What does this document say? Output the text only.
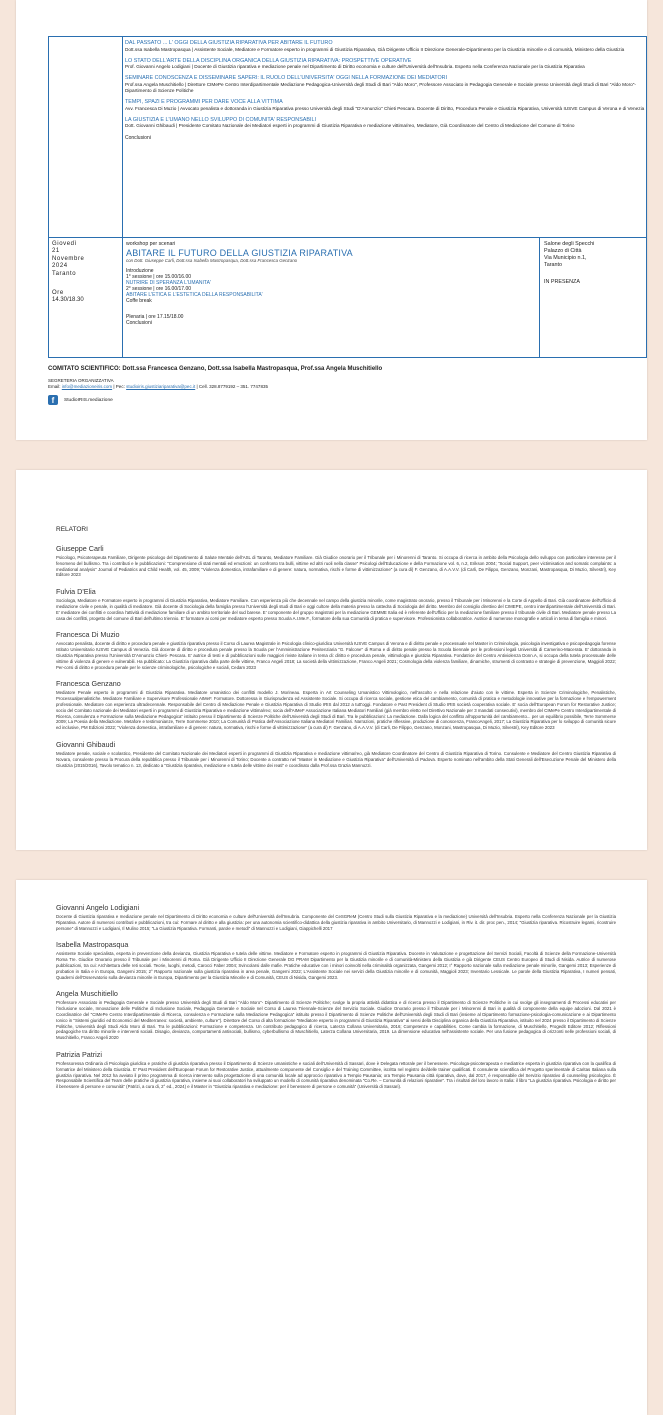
DAL PASSATO ... L' OGGI DELLA GIUSTIZIA RIPARATIVA PER ABITARE IL FUTURO
Dott.ssa Isabella Mastropasqua | Assistente Sociale, Mediatore e Formatore esperto in programmi di Giustizia Riparativa, Già Dirigente Ufficio II Direzione Generale-Dipartimento per la Giustizia minorile e di comunità, Ministero della Giustizia
LO STATO DELL'ARTE DELLA DISCIPLINA ORGANICA DELLA GIUSTIZIA RIPARATIVA: PROSPETTIVE OPERATIVE
Prof. Giovanni Angelo Lodigiani | Docente di Giustizia riparativa e mediazione penale nel Dipartimento di Diritto economia e culture dell'Università dell'Insubria. Esperto nella Conferenza Nazionale per la Giustizia Riparativa
SEMINARE CONOSCENZA E DISSEMINARE SAPERI: IL RUOLO DELL'UNIVERSITA' OGGI NELLA FORMAZIONE DEI MEDIATORI
Prof.ssa Angela Muschitiello | Direttore CIMePe Centro Interdipartimentale Mediazione Pedagogica-Università degli Studi di Bari "Aldo Moro", Professore Associato in Pedagogia Generale e Sociale presso Università degli Studi di Bari "Aldo Moro"- Dipartimento di Scienze Politiche
TEMPI, SPAZI E PROGRAMMI PER DARE VOCE ALLA VITTIMA
Avv. Francesca Di Muzio | Avvocato penalista e dottoranda in Giustizia Riparativa presso Università degli Studi "D'Annunzio" Chieti Pescara. Docente di Diritto, Procedura Penale e Giustizia Riparativa, Università IUSVE Campus di Verona e di Venezia
LA GIUSTIZIA E L'UMANO NELLO SVILUPPO DI COMUNITA' RESPONSABILI
Dott. Giovanni Ghibaudi | Presidente Comitato Nazionale dei Mediatori esperti in programmi di Giustizia Riparativa e mediazione vittima/reo, Mediatore, Già Coordinatore del Centro di Mediazione del Comune di Torino
Conclusioni
Giovedì
21
Novembre
2024
Taranto
Ore
14.30/18.30
workshop per scenari
ABITARE IL FUTURO DELLA GIUSTIZIA RIPARATIVA
con Dott. Giuseppe Carli, Dott.ssa Isabella Mastropasqua, Dott.ssa Francesca Genzano
Introduzione
1° sessione | ore 15.00/16.00
NUTRIRE DI SPERANZA L'UMANITA'
2° sessione | ore 16.00/17.00
ABITARE L'ETICA E L'ESTETICA DELLA RESPONSABILITA'
Coffe break
Plenaria | ore 17.15/18.00
Conclusioni
Salone degli Specchi
Palazzo di Città
Via Municipio n.1,
Taranto
IN PRESENZA
COMITATO SCIENTIFICO: Dott.ssa Francesca Genzano, Dott.ssa Isabella Mastropasqua, Prof.ssa Angela Muschitiello
SEGRETERIA ORGANIZZATIVA
Email: info@mediazioneiris.com | Pec: studioiris.giustiziariparativa@pec.it | Cell. 328.8779192 – 351. 7747835
f	StudioIRIS.mediazione
RELATORI
Giuseppe Carli
Psicologo, Psicoterapeuta Familiare, Dirigente psicologo del Dipartimento di Salute Mentale dell'ASL di Taranto, Mediatore Familiare. Già Giudice onorario per il Tribunale per i Minorenni di Taranto. Si occupa di ricerca in ambito della Psicologia dello sviluppo con particolare interesse per il fenomeno del bullismo. Tra i contributi e le pubblicazioni: "Comprensione di stati mentali ed emozioni: un confronto tra bulli, vittime ed altri ruoli nella classe" Psicologi dell'Educazione e della Formazione vol. 6, n.2, Erikson 2004; "Social Support, peer victimisation and somatic complaints: a mediational analysis" Journal of Pediatrics and Child Health, vol. 45, 2009; "Violenza domestica, intrafamiliare e di genere: natura, normativa, rischi e forme di vittimizzazione" (a cura di) F. Genzano, di A.A.V.V. (di Carli, De Filippo, Genzano, Monzani, Mastropasqua, Di Muzio, Silvestri), Key Editore 2023
Fulvia D'Elia
Sociologa, Mediatore e Formatore esperto in programmi di Giustizia Riparativa, Mediatore Familiare. Con esperienza più che decennale nel campo della giustizia minorile, come magistrato onorario, presso il Tribunale per i Minorenni e la Corte di Appello di Bari. Già coordinatore dell'Ufficio di mediazione civile e penale, in qualità di mediatore. Già docente di Sociologia della famiglia presso l'Università degli studi di Bari e oggi cultore della materia presso la cattedra di Sociologia del diritto. Membro del consiglio direttivo del CIMEPE, centro interdipartimentale dell'Università di Bari. E' mediatore dei conflitti e coordina l'attività di mediazione familiare di un ambito territoriale del sud barese. E' componente del gruppo magistrati per la mediazione GEMME Italia ed è referente dell'Ufficio per la mediazione familiare presso il tribunale civile di Bari. Mediatore penale presso La casa dei conflitti, progetto del comune di Bari dell'ultimo triennio. E' formatore ai corsi per mediatore esperto presso Scuola A.I.Me.F., formatore della sua Comunità di pratica e supervisore. Professionista collaboratrice. Autrice di numerose monografie e articoli in tema di famiglia e minori.
Francesca Di Muzio
Avvocato penalista, docente di diritto e procedura penale e giustizia riparativa presso il Corso di Laurea Magistrale in Psicologia clinico-giuridica Università IUSVE Campus di Verona e di diritto penale e processuale nel Master in Criminologia, psicologia investigativa e psicopedagogia forense Istituto Universitario IUSVE Campus di Venezia. Già docente di diritto e procedura penale presso la Scuola per l'Amministrazione Penitenziaria "G. Falcone" di Roma e di diritto penale presso la Scuola biennale per le professioni legali Università di Camerino-Macerata. E' dottoranda in Giustizia Riparativa presso l'Università D'Annunzio Chieti- Pescara. E' autrice di testi e di pubblicazioni sulle maggiori riviste italiane in tema di: diritto e procedura penale, vittimologia e giustizia Riparativa. Fondatrice del Centro Antiviolenza Donn.A, si occupa della tutela processuale delle vittime di violenza di genere e vulnerabili. Ha pubblicato: La Giustizia riparativa dalla parte delle vittime, Franco Angeli 2018; La società della vittimizzazione, Franco Angeli 2021; Cosmologia della violenza familiare, dinamiche, strumenti di contrasto e strategie di prevenzione, Maggioli 2022; Per-corsi di diritto e procedura penale per le scienze criminologiche, psicologiche e sociali, Cedam 2023
Francesca Genzano
Mediatore Penale esperto in programmi di Giustizia Riparativa. Mediatore umanistico dei conflitti modello J. Morineau. Esperta in Art Counseling Umanistico Vittimologico, nell'ascolto e nella relazione d'aiuto con le vittime. Esperta in Scienze Criminologiche, Penalistiche, Processualpenalistiche. Mediatore Familiare e Supervisore Professionale AIMeF. Formatore. Dottoressa in Giurisprudenza ed Assistente Sociale. Si occupa di ricerca sociale, gestione etica del cambiamento, comunità di pratica e metodologie innovative per la formazione e l'empowerment professionale. Mediatore con esperienza ultradecennale. Responsabile del Centro di Mediazione Penale e Giustizia Riparativa di Studio IRIS dal 2012 a tutt'oggi. Fondatore e Past President di Studio IRIS società cooperativa sociale. E' socia dell'European Forum for Restorative Justice; socio del Comitato nazionale dei Mediatori esperti in programmi di Giustizia Riparativa e mediazione vittima/reo; socia dell'AIMeF Associazione Italiana Mediatori Familiari (già membro eletto nel Direttivo Nazionale per 3 mandati consecutivi), membro del CIMePe Centro Interdipartimentale di Ricerca, consulenza e Formazione sulla Mediazione Pedagogica" istituito presso il Dipartimento di Scienze Politiche dell'Università degli Studi di Bari. Tra le pubblicazioni: La mediazione. Dalla logica del conflitto all'opportunità del cambiamento... per un equilibrio possibile, Terre Sommerse 2009; La Poesia della Mediazione. Metafore e testimonianze, Terre Sommerse 2010; La Comunità di Pratica dell'Associazione Italiana Mediatori Familiari. Narrazioni, pratiche riflessive, produzione di conoscenza, FrancoAngeli, 2017; La Giustizia Riparativa per lo sviluppo di comunità sicure ed inclusive, PM Edizioni 2022; "Violenza domestica, intrafamiliare e di genere: natura, normativa, rischi e forme di vittimizzazione" (a cura di) F. Genzano, di A.A.V.V. (di Carli, De Filippo, Genzano, Monzani, Mastropasqua, Di Muzio, Silvestri), Key Editore 2023
Giovanni Ghibaudi
Mediatore penale, sociale e scolastico, Presidente del Comitato Nazionale dei Mediatori esperti in programmi di Giustizia Riparativa e mediazione vittima/reo, già Mediatore Coordinatore del Centro di Giustizia Riparativa di Torino. Consulente e Mediatore del Centro Giustizia Riparativa di Novara, consulente presso la Procura della repubblica presso il Tribunale per i Minorenni di Torino; Docente a contratto nel "Master in Mediazione e Giustizia Riparativa" dell'Università di Padova. Esperto nominato nell'ambito della Stati Generali dell'Esecuzione Penale del Ministero della Giustizia (2015/2016), Tavolo tematico n. 13, dedicato a "Giustizia riparativa, mediazione e tutela delle vittime dei reati" e coordinato dalla Prof.ssa Grazia Mannozzi.
Giovanni Angelo Lodigiani
Docente di Giustizia riparativa e mediazione penale nel Dipartimento di Diritto economia e culture dell'Università dell'Insubria. Componente del CeSGReM (Centro Studi sulla Giustizia Riparativa e la mediazione) Università dell'Insubria. Esperto nella Conferenza Nazionale per la Giustizia Riparativa. Autore di numerosi contributi e pubblicazioni, tra cui: Formare al diritto e alla giustizia: per una autonomia scientifico-didattica della giustizia riparativa in ambito Universitario, di Mannozzi e Lodigiani, in Riv. it. dir. proc pen., 2014; "Giustizia riparativa. Ricostruire legami, ricostruire persone" di Mannozzi e Lodigiani, Il Mulino 2015; "La Giustizia Riparativa. Formanti, parole e metodi" di Mannozzi e Lodigiani, Giappichelli 2017
Isabella Mastropasqua
Assistente Sociale specialista, esperta in prevenzione della devianza, Giustizia Riparativa e tutela delle vittime. Mediatore e Formatore esperto in programmi di Giustizia Riparativa. Docente in Valutazione e progettazione del Servizi Sociali, Facoltà di Scienze della Formazione-Università Roma Tre. Giudice Onorario presso il Tribunale per i Minorenni di Roma. Già Dirigente Ufficio II Direzione Generale DG PRAM Dipartimento per la Giustizia minorile e di comunità-Ministero della Giustizia e già Dirigente CEUS Centro Europeo di Studi di Nisida. Autrice di numerose pubblicazioni, tra cui: Architettura delle reti sociali. Teorie, luoghi, metodi, Carocci Faber 2004; Svincolarsi dalle mafie. Pratiche educative con i minori coinvolti nella criminalità organizzata, Gangemi 2012; I° Rapporto nazionale sulla mediazione penale minorile, Gangemi 2013; Esperienze di probation in Italia e in Europa, Gangemi 2015; 2° Rapporto nazionale sulla giustizia riparativa in area penale, Gangemi 2022; L'Assistente Sociale nei servizi della Giustizia minorile e di comunità, Maggioli 2023; Inventario Lessicale. Le parole della Giustizia Riparativa, I numeri pensati, Quaderni dell'Osservatorio sulla devianza minorile in Europa, Dipartimento per la Giustizia Minorile e di Comunità, CEUS di Nisida, Gangemi 2023.
Angela Muschitiello
Professore Associato in Pedagogia Generale e Sociale presso Università degli Studi di Bari "Aldo Moro"- Dipartimento di Scienze Politiche; svolge la propria attività didattica e di ricerca presso il Dipartimento di Scienze Politiche in cui svolge gli insegnamenti di Processi educativi per l'inclusione sociale, Innovazione delle Politiche di Inclusione Sociale, Pedagogia Generale e Sociale nel Corso di Laurea Triennale-Scienze del Servizio Sociale. Giudice Onorario presso il Tribunale per i Minorenni di Bari in qualità di componente della equipe adozioni. Dal 2021 è Coordinatrice del "CIMePe Centro Interdipartimentale di Ricerca, consulenza e Formazione sulla Mediazione Pedagogica" istituito presso il Dipartimento di Scienze Politiche dell'Università degli Studi di Bari (insieme al Dipartimento formazione-psicologia-comunicazione e ai Dipartimento Ionico in "Sistemi giuridici ed Economici del Mediterraneo: società, ambiente, culture"). Direttore del Corso di alta formazione "Mediatore esperto in programmi di Giustizia Riparativa" ai sensi della Disciplina organica della Giustizia Riparativa, istituito nel 2024 presso il Dipartimento di Scienze Politiche, Università degli Studi Aldo Moro di Bari. Tra le pubblicazioni: Formazione e competenza. Un contributo pedagogico di ricerca, Laterza Collana Universitaria, 2016; Competenze e capabilities. Come cambia la formazione, di Muschitiello, Progedit Editore 2012; Riflessioni pedagogiche tra diritto minorile e interventi sociali. Disagio, devianza, comportamenti antisociali, bullismo, cyberbullismo di Muschitiello, Laterza Collana Universitaria, 2019. La dimensione educativa nell'assistente sociale. Per una fusione pedagogica di orizzonti nelle professioni sociali, di Muschitiello, Franco Angeli 2020
Patrizia Patrizi
Professoressa Ordinaria di Psicologia giuridica e pratiche di giustizia riparativa presso il Dipartimento di Scienze umanistiche e sociali dell'Università di Sassari, dove è Delegata rettorale per il benessere. Psicologa-psicoterapeuta e mediatrice esperta in giustizia riparativa con la qualifica di formatrice del Ministero della Giustizia. E' Past President dell'European Forum for Restorative Justice, attualmente componente del Consiglio e del Training Committee, iscritta nel registro dei/delle trainer qualificati. È consulente scientifica del Progetto sperimentale di Caritas Italiana sulla giustizia riparativa. Nel 2012 ha avviato il primo programma di ricerca intervento sulla progettazione di una comunità locale ad approccio riparativo a Tempio Pausania; ora Tempio Pausania città riparativa, dove, dal 2017, è responsabile del Servizio riparativo di counseling psicologico. È Responsabile Scientifica del Team delle pratiche di giustizia riparativa, insieme ai suoi collaboratori ha sviluppato un modello di comunità riparativa denominata "Co.Re. – Comunità di relazioni riparative". Tra i risultati del loro lavoro in Italia: il libro "La giustizia riparativa. Psicologia e diritto per il benessere di persone e comunità" (Patrizi, a cura di, 2° ed., 2024) e il Master in "Giustizia riparativa e mediazione: per il benessere di persone e comunità" (Università di Sassari).
